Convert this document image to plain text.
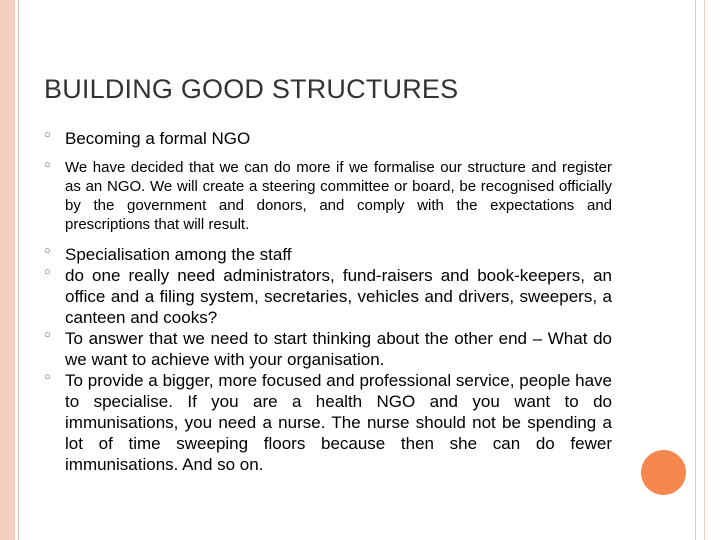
BUILDING GOOD STRUCTURES
○ Becoming a formal NGO
○ We have decided that we can do more if we formalise our structure and register as an NGO. We will create a steering committee or board, be recognised officially by the government and donors, and comply with the expectations and prescriptions that will result.
○ Specialisation among the staff
○ do one really need administrators, fund-raisers and book-keepers, an office and a filing system, secretaries, vehicles and drivers, sweepers, a canteen and cooks?
○ To answer that we need to start thinking about the other end – What do we want to achieve with your organisation.
○ To provide a bigger, more focused and professional service, people have to specialise. If you are a health NGO and you want to do immunisations, you need a nurse. The nurse should not be spending a lot of time sweeping floors because then she can do fewer immunisations. And so on.
